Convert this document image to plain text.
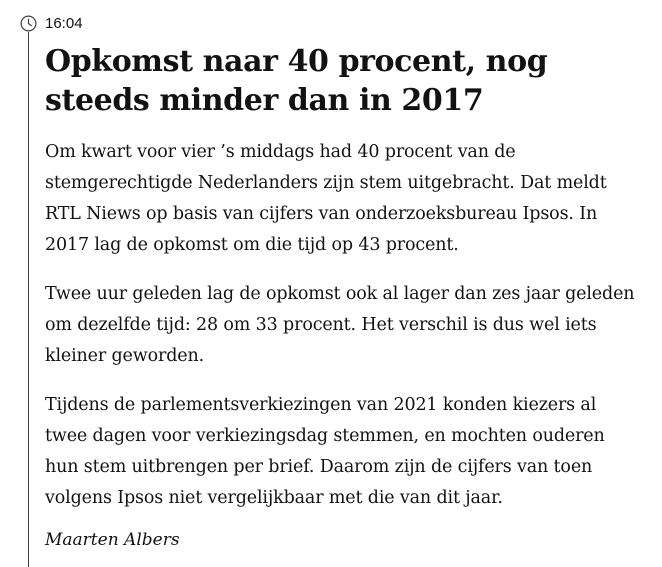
16:04
Opkomst naar 40 procent, nog steeds minder dan in 2017

Om kwart voor vier ’s middags had 40 procent van de stemgerechtigde Nederlanders zijn stem uitgebracht. Dat meldt RTL Niews op basis van cijfers van onderzoeksbureau Ipsos. In 2017 lag de opkomst om die tijd op 43 procent.

Twee uur geleden lag de opkomst ook al lager dan zes jaar geleden om dezelfde tijd: 28 om 33 procent. Het verschil is dus wel iets kleiner geworden.

Tijdens de parlementsverkiezingen van 2021 konden kiezers al twee dagen voor verkiezingsdag stemmen, en mochten ouderen hun stem uitbrengen per brief. Daarom zijn de cijfers van toen volgens Ipsos niet vergelijkbaar met die van dit jaar.

Maarten Albers
